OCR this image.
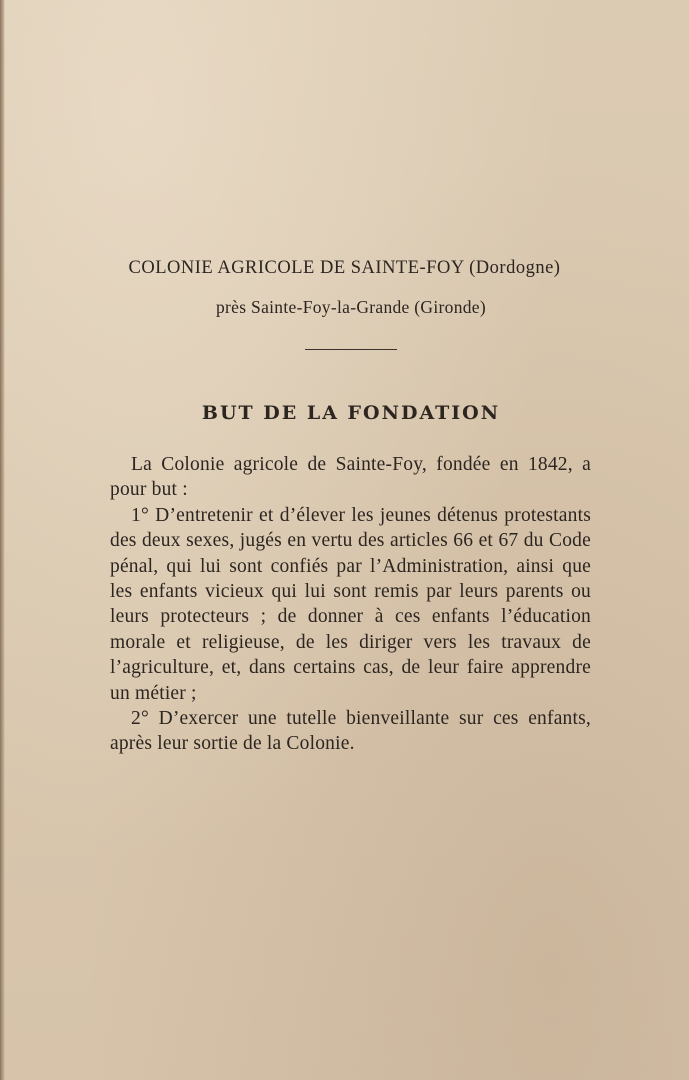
COLONIE AGRICOLE DE SAINTE-FOY (Dordogne)
près Sainte-Foy-la-Grande (Gironde)
BUT DE LA FONDATION

La Colonie agricole de Sainte-Foy, fondée en 1842, a pour but :

1° D’entretenir et d’élever les jeunes détenus protestants des deux sexes, jugés en vertu des articles 66 et 67 du Code pénal, qui lui sont confiés par l’Administration, ainsi que les enfants vicieux qui lui sont remis par leurs parents ou leurs protecteurs ; de donner à ces enfants l’éducation morale et religieuse, de les diriger vers les travaux de l’agriculture, et, dans certains cas, de leur faire apprendre un métier ;

2° D’exercer une tutelle bienveillante sur ces enfants, après leur sortie de la Colonie.
